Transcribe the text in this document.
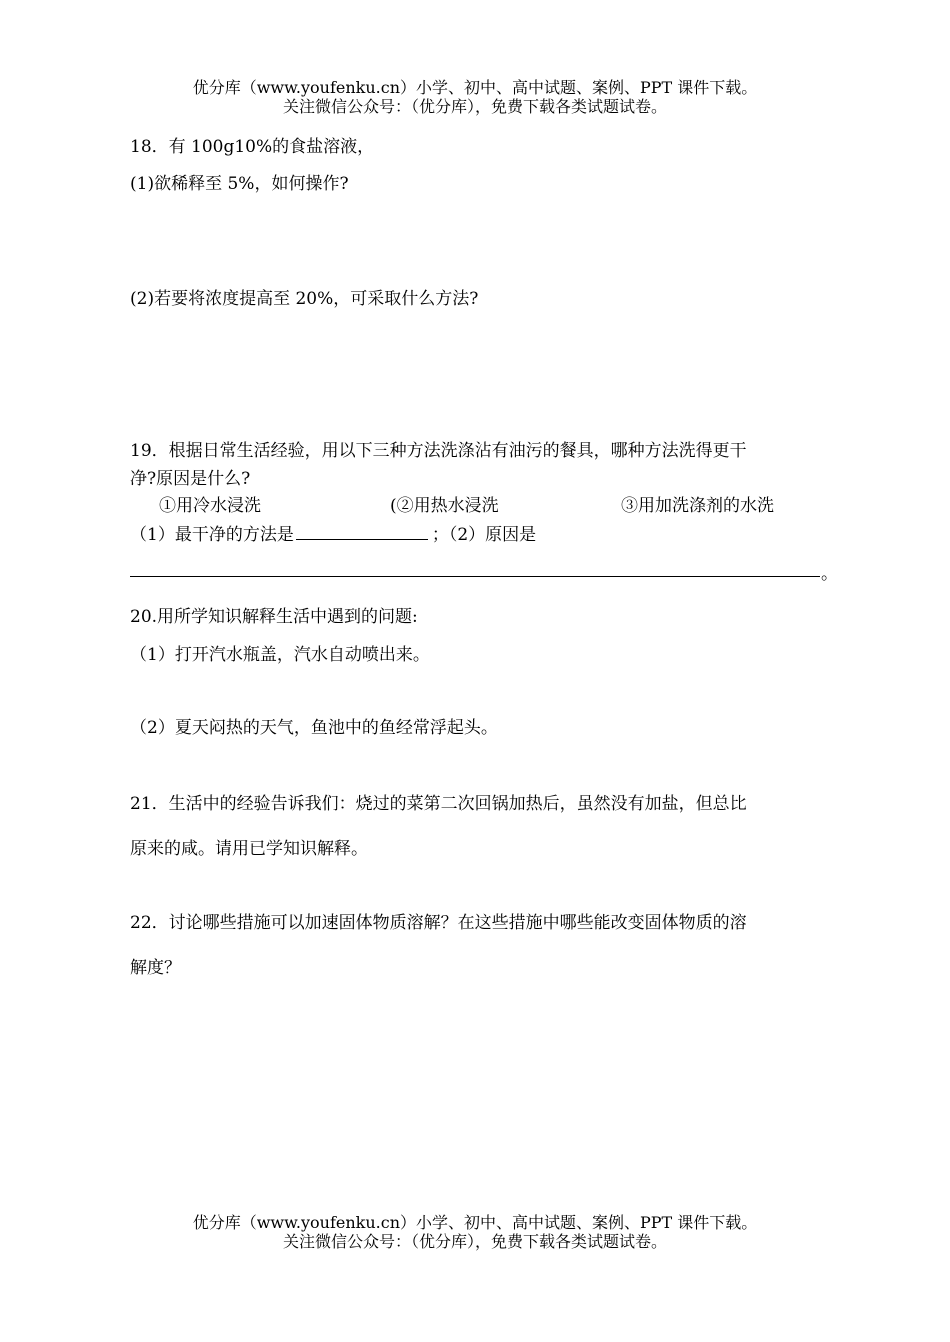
优分库（www.youfenku.cn）小学、初中、高中试题、案例、PPT 课件下载。
关注微信公众号：（优分库），免费下载各类试题试卷。
18．有 100g10%的食盐溶液，
(1)欲稀释至 5%，如何操作?
(2)若要将浓度提高至 20%，可采取什么方法?
19．根据日常生活经验，用以下三种方法洗涤沾有油污的餐具，哪种方法洗得更干
净?原因是什么?
①用冷水浸洗	(②用热水浸洗	③用加洗涤剂的水洗
（1）最干净的方法是	；（2）原因是
。
20.用所学知识解释生活中遇到的问题:
（1）打开汽水瓶盖，汽水自动喷出来。
（2）夏天闷热的天气，鱼池中的鱼经常浮起头。
21．生活中的经验告诉我们：烧过的菜第二次回锅加热后，虽然没有加盐，但总比
原来的咸。请用已学知识解释。
22．讨论哪些措施可以加速固体物质溶解？在这些措施中哪些能改变固体物质的溶
解度？
优分库（www.youfenku.cn）小学、初中、高中试题、案例、PPT 课件下载。
关注微信公众号：（优分库），免费下载各类试题试卷。
